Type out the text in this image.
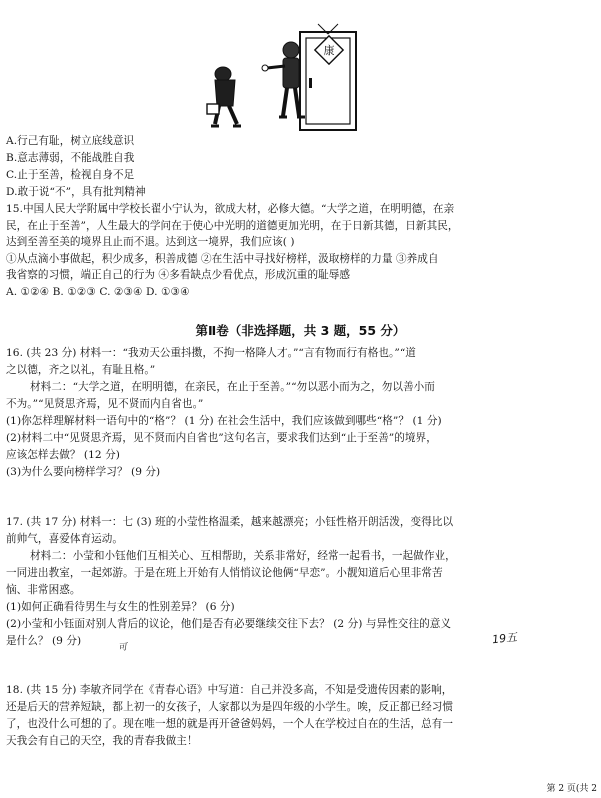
康
A.行己有耻，树立底线意识
B.意志薄弱，不能战胜自我
C.止于至善，检视自身不足
D.敢于说“不”，具有批判精神
15.中国人民大学附属中学校长翟小宁认为，欲成大材，必修大德。“大学之道，在明明德，在亲
民，在止于至善”，人生最大的学问在于使心中光明的道德更加光明，在于日新其德，日新其民，
达到至善至美的境界且止而不退。达到这一境界，我们应该( )
①从点滴小事做起，积少成多，积善成德 ②在生活中寻找好榜样，汲取榜样的力量 ③养成自
我省察的习惯，端正自己的行为 ④多看缺点少看优点，形成沉重的耻辱感
A. ①②④ B. ①②③ C. ②③④ D. ①③④
第Ⅱ卷（非选择题，共 3 题，55 分）
16. (共 23 分) 材料一：“我劝天公重抖擞，不拘一格降人才。”“言有物而行有格也。”“道
之以德，齐之以礼，有耻且格。”
材料二：“大学之道，在明明德，在亲民，在止于至善。”“勿以恶小而为之，勿以善小而
不为。”“见贤思齐焉，见不贤而内自省也。”
(1)你怎样理解材料一语句中的“格”？ (1 分) 在社会生活中，我们应该做到哪些“格”？ (1 分)
(2)材料二中“见贤思齐焉，见不贤而内自省也”这句名言，要求我们达到“止于至善”的境界，
应该怎样去做？ (12 分)
(3)为什么要向榜样学习？ (9 分)
17. (共 17 分) 材料一：七 (3) 班的小莹性格温柔，越来越漂亮；小钰性格开朗活泼，变得比以
前帅气，喜爱体育运动。
材料二：小莹和小钰他们互相关心、互相帮助，关系非常好，经常一起看书，一起做作业，
一同进出教室，一起郊游。于是在班上开始有人悄悄议论他俩“早恋”。小靓知道后心里非常苦
恼、非常困惑。
(1)如何正确看待男生与女生的性别差异？ (6 分)
(2)小莹和小钰面对别人背后的议论，他们是否有必要继续交往下去？ (2 分) 与异性交往的意义
是什么？ (9 分)	19五
可
18. (共 15 分) 李敏齐同学在《青春心语》中写道：自己并没多高，不知是受遗传因素的影响，
还是后天的营养短缺，都上初一的女孩子，人家都以为是四年级的小学生。唉，反正都已经习惯
了，也没什么可想的了。现在唯一想的就是再开爸爸妈妈，一个人在学校过自在的生活，总有一
天我会有自己的天空，我的青春我做主！
第 2 页(共 2
